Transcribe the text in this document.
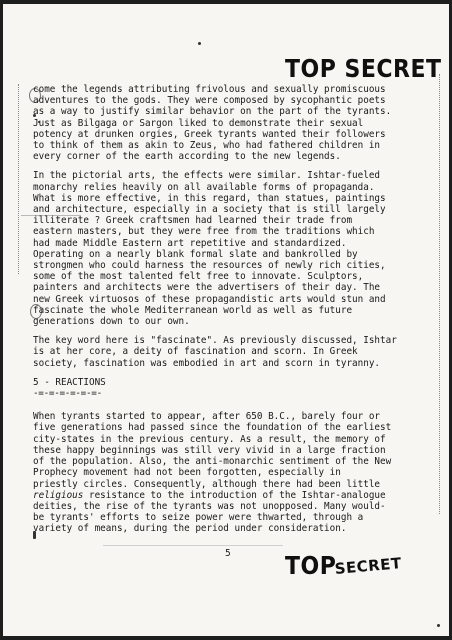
TOP SECRET

come the legends attributing frivolous and sexually promiscuous
adventures to the gods. They were composed by sycophantic poets
as a way to justify similar behavior on the part of the tyrants.
Just as Bilgaga or Sargon liked to demonstrate their sexual
potency at drunken orgies, Greek tyrants wanted their followers
to think of them as akin to Zeus, who had fathered children in
every corner of the earth according to the new legends.

In the pictorial arts, the effects were similar. Ishtar-fueled
monarchy relies heavily on all available forms of propaganda.
What is more effective, in this regard, than statues, paintings
and architecture, especially in a society that is still largely
illiterate ? Greek craftsmen had learned their trade from
eastern masters, but they were free from the traditions which
had made Middle Eastern art repetitive and standardized.
Operating on a nearly blank formal slate and bankrolled by
strongmen who could harness the resources of newly rich cities,
some of the most talented felt free to innovate. Sculptors,
painters and architects were the advertisers of their day. The
new Greek virtuosos of these propagandistic arts would stun and
fascinate the whole Mediterranean world as well as future
generations down to our own.

The key word here is "fascinate". As previously discussed, Ishtar
is at her core, a deity of fascination and scorn. In Greek
society, fascination was embodied in art and scorn in tyranny.

5 - REACTIONS

-=-=-=-=-=-=-

When tyrants started to appear, after 650 B.C., barely four or
five generations had passed since the foundation of the earliest
city-states in the previous century. As a result, the memory of
these happy beginnings was still very vivid in a large fraction
of the population. Also, the anti-monarchic sentiment of the New
Prophecy movement had not been forgotten, especially in
priestly circles. Consequently, although there had been little
religious resistance to the introduction of the Ishtar-analogue
deities, the rise of the tyrants was not unopposed. Many would-
be tyrants' efforts to seize power were thwarted, through a
variety of means, during the period under consideration.

5 TOP
SECRET
